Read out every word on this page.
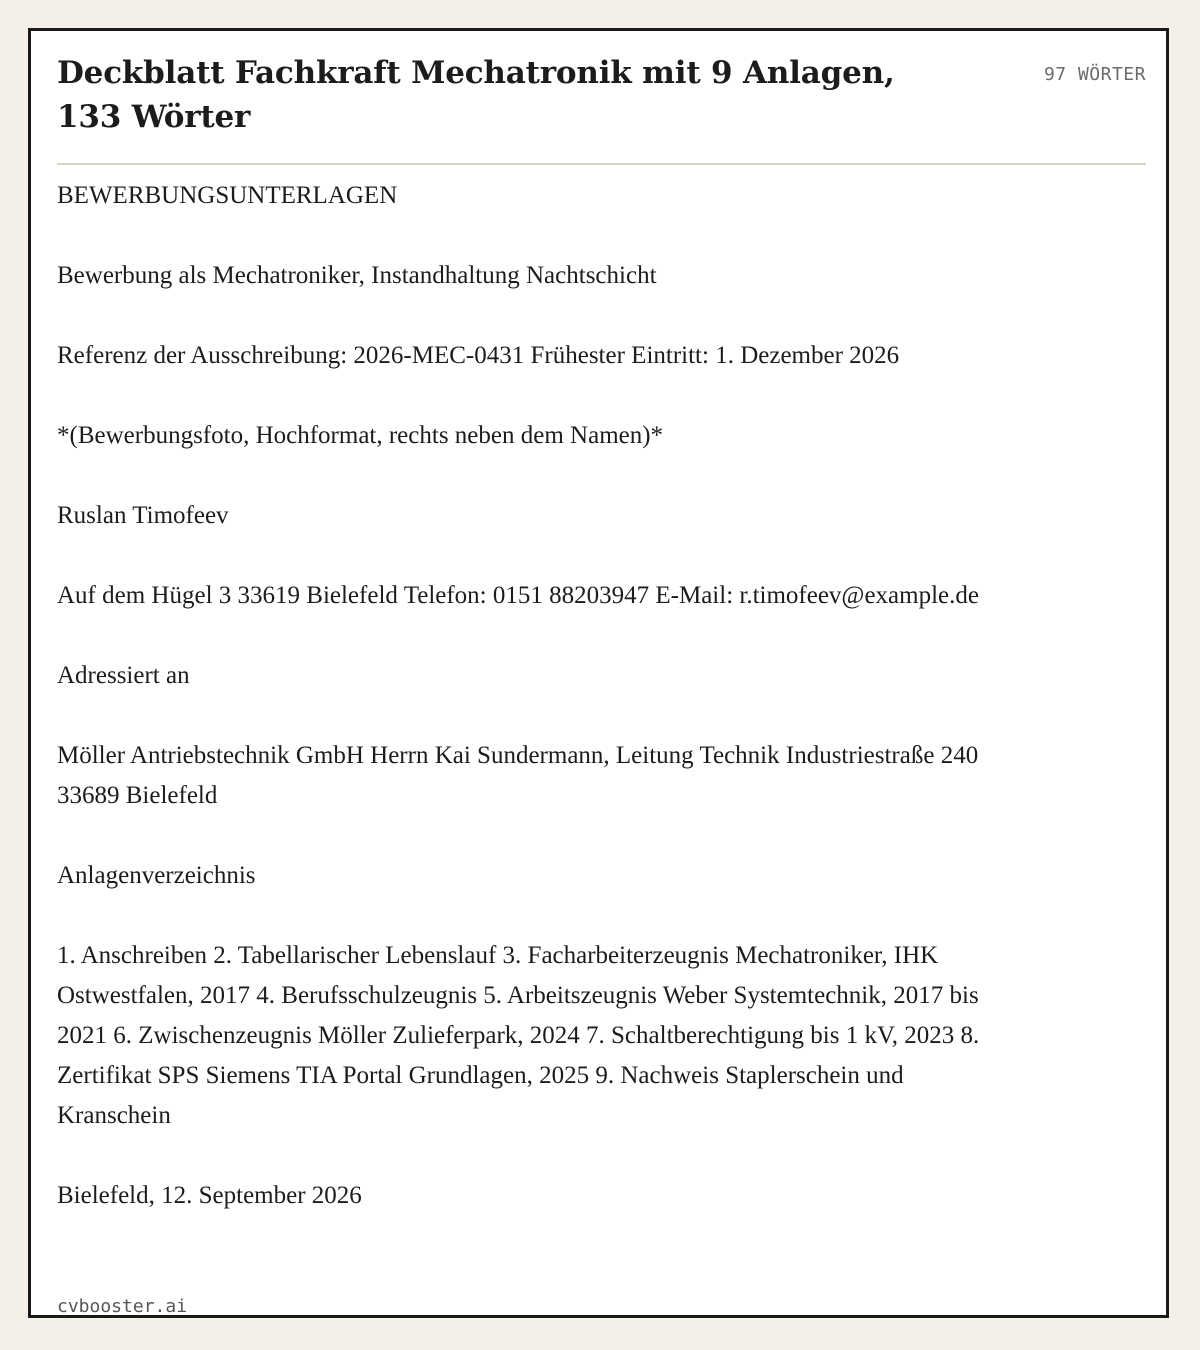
Deckblatt Fachkraft Mechatronik mit 9 Anlagen, 133 Wörter
97 WÖRTER

BEWERBUNGSUNTERLAGEN

Bewerbung als Mechatroniker, Instandhaltung Nachtschicht

Referenz der Ausschreibung: 2026-MEC-0431 Frühester Eintritt: 1. Dezember 2026

*(Bewerbungsfoto, Hochformat, rechts neben dem Namen)*

Ruslan Timofeev

Auf dem Hügel 3 33619 Bielefeld Telefon: 0151 88203947 E-Mail: r.timofeev@example.de

Adressiert an

Möller Antriebstechnik GmbH Herrn Kai Sundermann, Leitung Technik Industriestraße 240 33689 Bielefeld

Anlagenverzeichnis

1. Anschreiben 2. Tabellarischer Lebenslauf 3. Facharbeiterzeugnis Mechatroniker, IHK Ostwestfalen, 2017 4. Berufsschulzeugnis 5. Arbeitszeugnis Weber Systemtechnik, 2017 bis 2021 6. Zwischenzeugnis Möller Zulieferpark, 2024 7. Schaltberechtigung bis 1 kV, 2023 8. Zertifikat SPS Siemens TIA Portal Grundlagen, 2025 9. Nachweis Staplerschein und Kranschein

Bielefeld, 12. September 2026

cvbooster.ai
